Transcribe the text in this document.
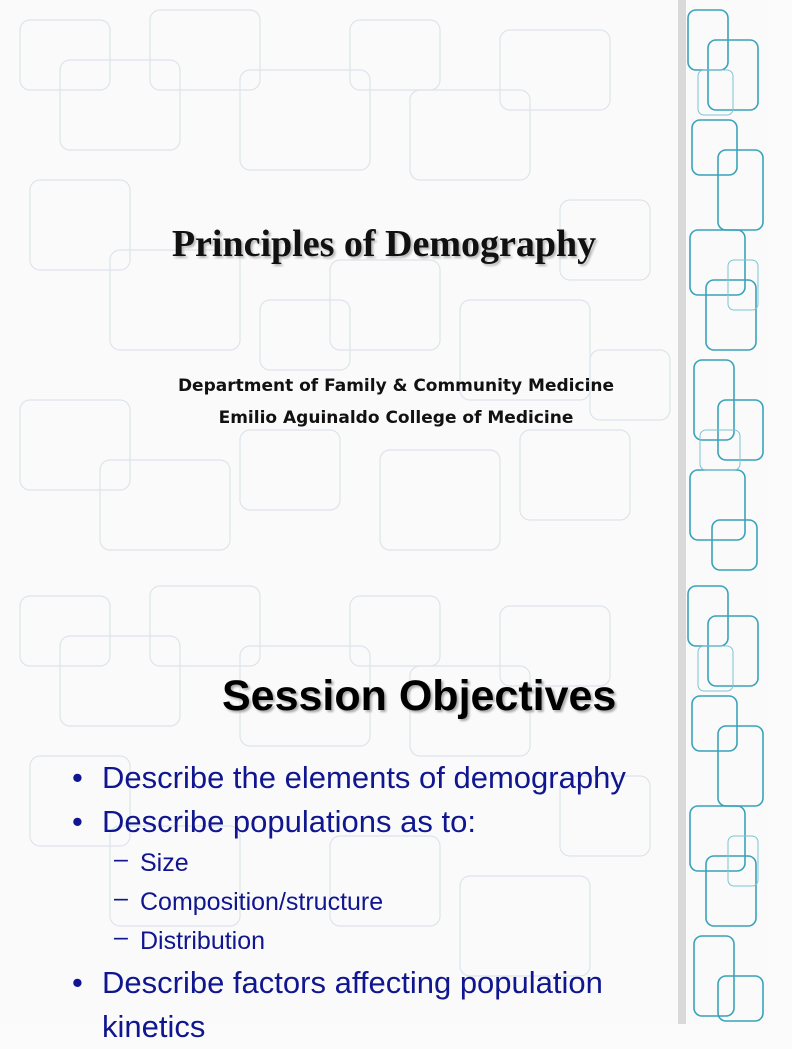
Principles of Demography
Department of Family & Community Medicine
Emilio Aguinaldo College of Medicine
Session Objectives
• Describe the elements of demography
• Describe populations as to:
– Size
– Composition/structure
– Distribution
• Describe factors affecting population kinetics
